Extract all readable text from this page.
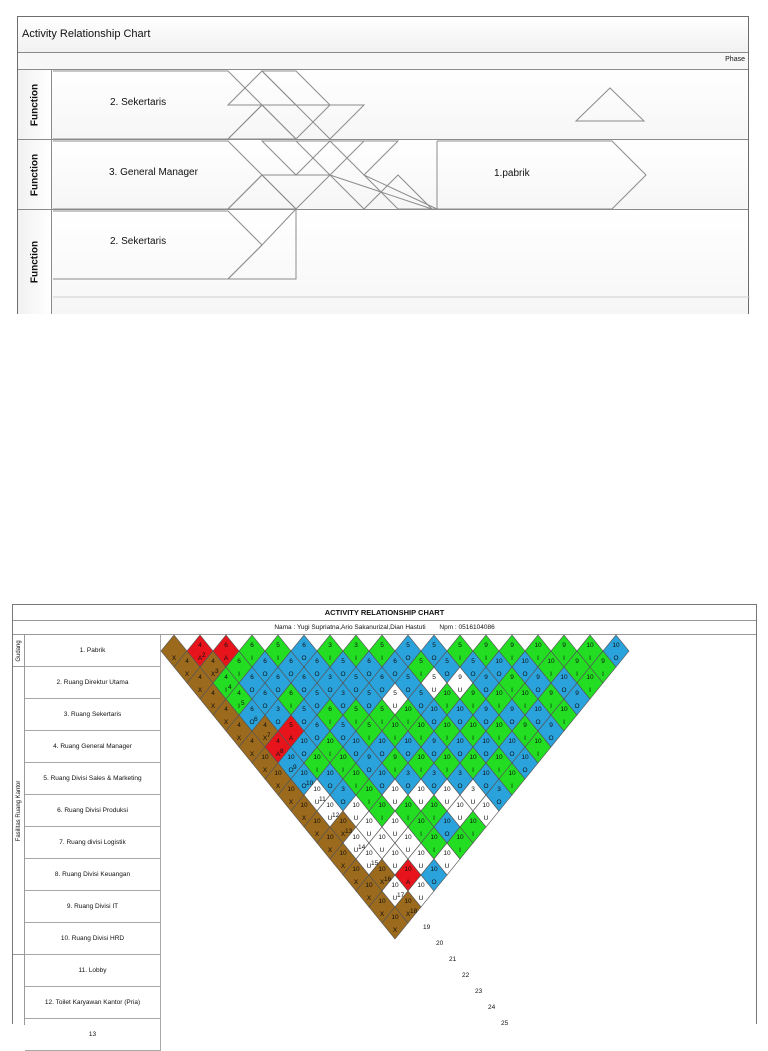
Activity Relationship Chart
Phase
Function
Function
Function
2. Sekertaris
3. General Manager	1.pabrik
2. Sekertaris
ACTIVITY RELATIONSHIP CHART
Nama : Yugi Supriatna,Ario Sakanurizal,Dian Hastuti Npm : 0516104086
Gudang
Fasilitas Ruang Kantor
1. Pabrik
2. Ruang Direktur Utama
3. Ruang Sekertaris
4. Ruang General Manager
5. Ruang Divisi Sales & Marketing
6. Ruang Divisi Produksi
7. Ruang divisi Logistik
8. Ruang Divisi Keuangan
9. Ruang Divisi IT
10. Ruang Divisi HRD
11. Lobby
12. Toilet Karyawan Kantor (Pria)
13
X 4
X
4
A
4
X
4
X
6
A
4
X
4
I
6
I
6
I
4
X
4
I
6
O
6
O
5
I
4
X
6
O
6
O
6
O
6
O
6
O
4
X
4
X
3
O
6
I
6
O
6
O
3
I
10
X
4
A
5
A
5
O
5
O
3
O
5
O
3
I
10
X
10
O
10
O
6
O
6
I
3
O
5
O
6
O
5
I
10
X
10
O
10
I
10
I
5
O
5
I
5
O
6
O
6
O
5
O
10
X
10
U
10
O
10
I
10
O
5
I
5
I
5
U
5
O
5
I
5
O
10
X
10
U
3
O
10
I
9
O
10
O
10
I
10
I
5
O
5
U
5
O
5
I
10
X
10
X
10
U
10
I
10
O
9
I
10
O
10
I
10
O
10
I
9
U
5
O
9
I
10
X
10
U
10
U
10
I
10
U
3
O
10
I
9
O
10
I
10
O
9
I
9
O
10
O
9
I
10
X
10
U
10
U
10
U
10
I
10
U
3
O
10
I
10
O
10
I
9
O
10
I
9
I
10
O
10
I
10
X
10
X
10
U
10
U
10
I
10
I
10
U
3
O
10
I
10
O
10
I
9
O
10
I
9
O
10
I
9
I
10
X
10
U
10
A
10
U
10
I
10
O
10
U
3
U
10
O
10
I
10
O
9
I
10
O
9
I
10
O
9
I
10
I
10
X
10
X
10
U
10
O
10
U
10
I
10
I
10
U
3
O
10
I
10
O
10
I
9
O
10
I
9
O
10
I
9
I
10
O
2
3
4
5
6
7
8
9
10
11
12
13
14
15
16
17
18
19
20
21
22
23
24
25
